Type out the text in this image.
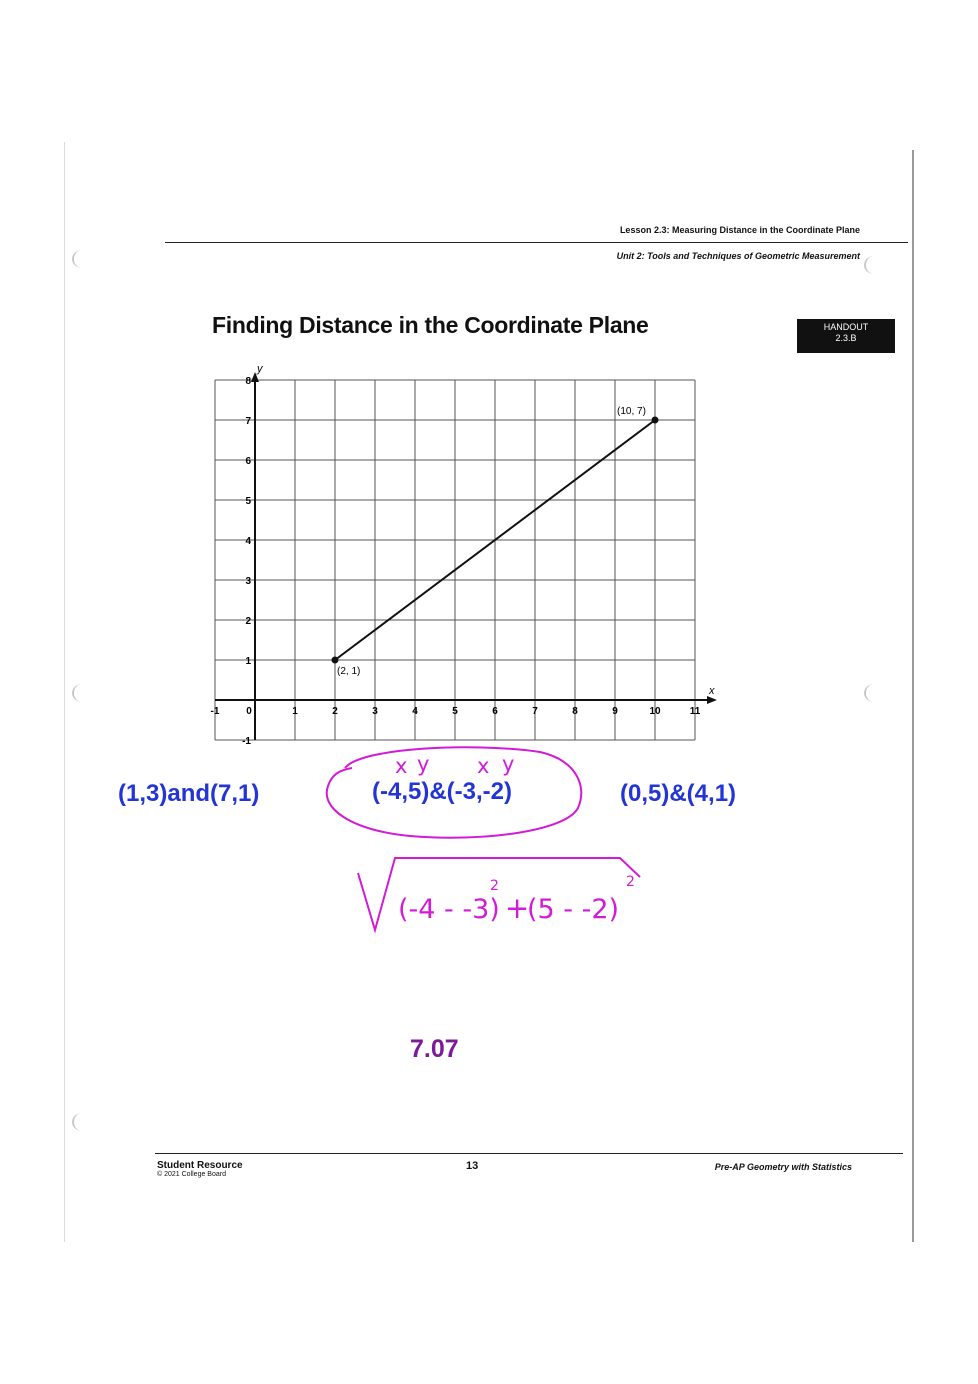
Lesson 2.3: Measuring Distance in the Coordinate Plane
Unit 2: Tools and Techniques of Geometric Measurement
Finding Distance in the Coordinate Plane	HANDOUT
2.3.B
x
y
-1	0	1	2	3	4	5	6	7	8	9	10	11
-1
1
2
3
4
5
6
7
8
(2, 1)
(10, 7)
(1,3)and(7,1)	(-4,5)&(-3,-2)	(0,5)&(4,1)
x y x y
(-4 - -3)
2
+
(5 - -2)
2
7.07
Student Resource
© 2021 College Board
13	Pre-AP Geometry with Statistics
